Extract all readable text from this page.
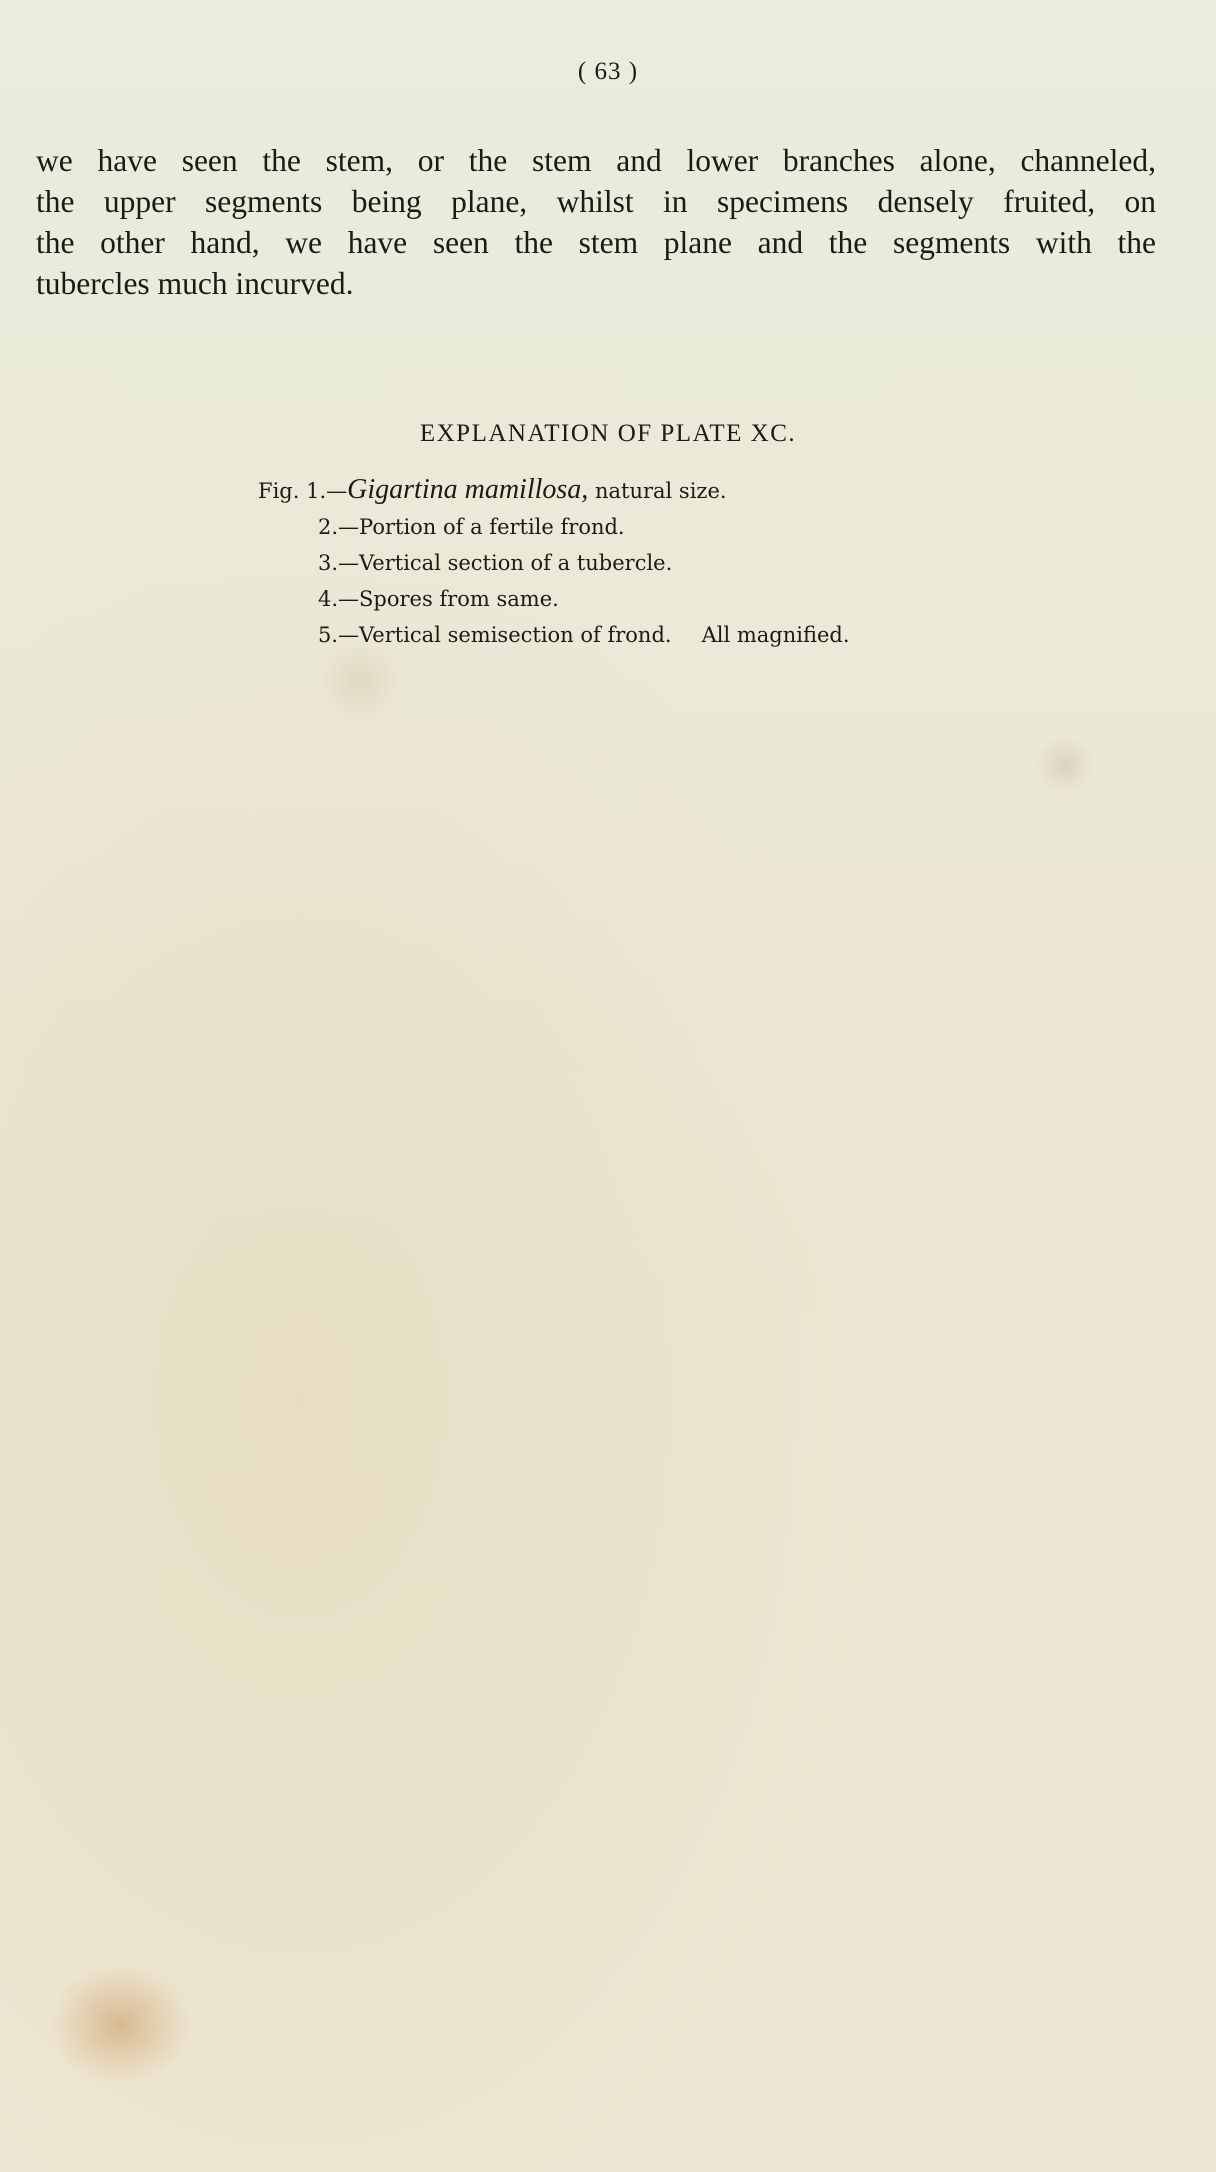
( 63 )
we have seen the stem, or the stem and lower branches alone, channeled,
the upper segments being plane, whilst in specimens densely fruited, on
the other hand, we have seen the stem plane and the segments with the
tubercles much incurved.
EXPLANATION OF PLATE XC.
Fig. 1.—Gigartina mamillosa, natural size.
2.—Portion of a fertile frond.
3.—Vertical section of a tubercle.
4.—Spores from same.
5.—Vertical semisection of frond. All magnified.
